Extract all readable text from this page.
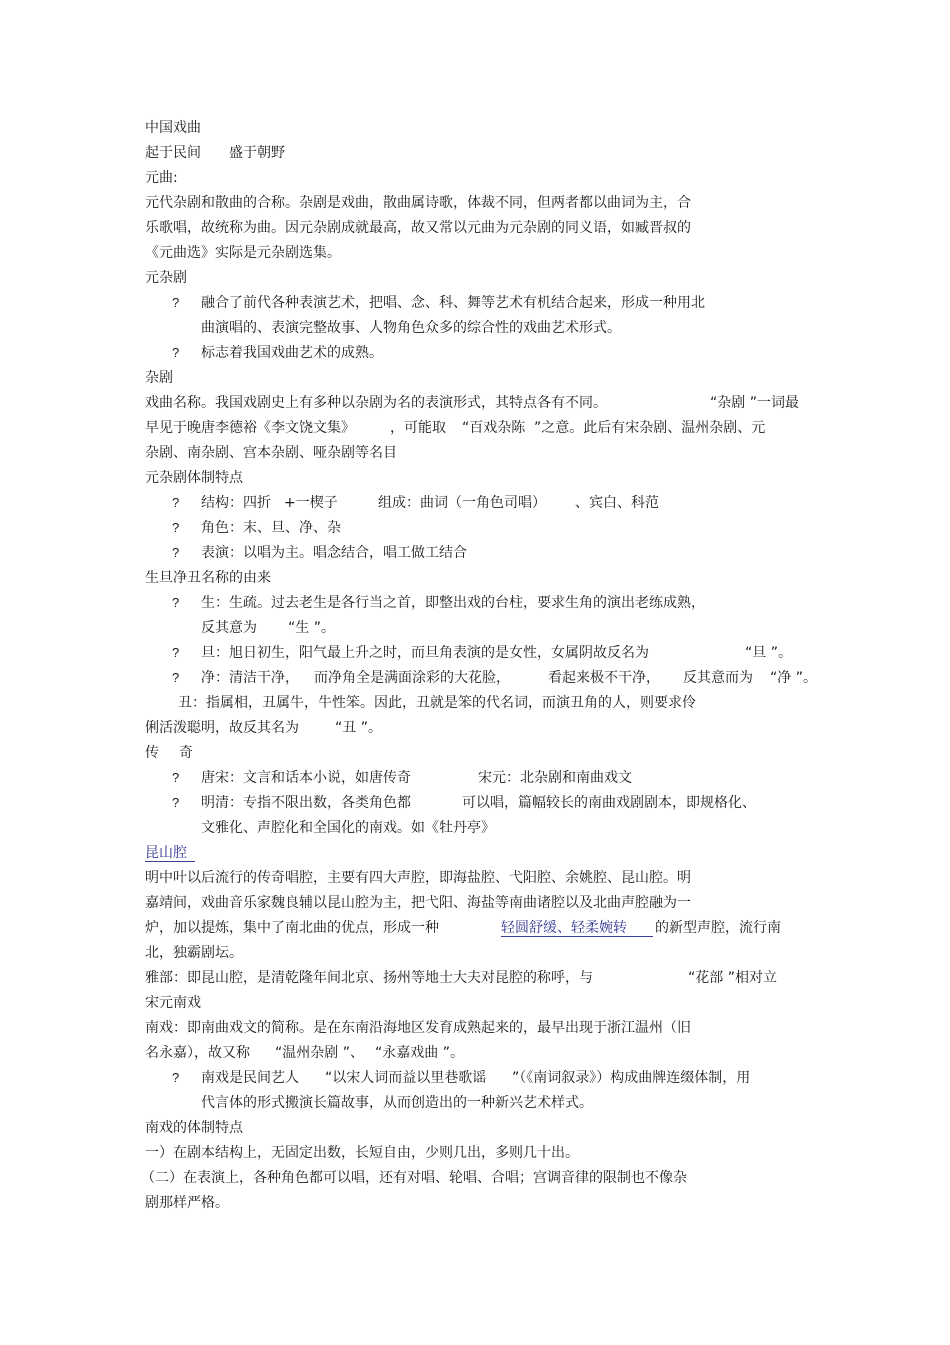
中国戏曲
起于民间 盛于朝野
元曲:
元代杂剧和散曲的合称。杂剧是戏曲，散曲属诗歌，体裁不同，但两者都以曲词为主，合
乐歌唱，故统称为曲。因元杂剧成就最高，故又常以元曲为元杂剧的同义语，如臧晋叔的
《元曲选》实际是元杂剧选集。
元杂剧
? 融合了前代各种表演艺术，把唱、念、科、舞等艺术有机结合起来，形成一种用北
曲演唱的、表演完整故事、人物角色众多的综合性的戏曲艺术形式。
? 标志着我国戏曲艺术的成熟。
杂剧
戏曲名称。我国戏剧史上有多种以杂剧为名的表演形式，其特点各有不同。	“杂剧 ”一词最
早见于晚唐李德裕《李文饶文集》	，可能取 “百戏杂陈 ”之意。此后有宋杂剧、温州杂剧、元
杂剧、南杂剧、宫本杂剧、哑杂剧等名目
元杂剧体制特点
? 结构：四折 +一楔子	组成：曲词（一角色司唱） 、宾白、科范
? 角色：末、旦、净、杂
? 表演：以唱为主。唱念结合，唱工做工结合
生旦净丑名称的由来
? 生：生疏。过去老生是各行当之首，即整出戏的台柱，要求生角的演出老练成熟，
反其意为 “生 ”。
? 旦：旭日初生，阳气最上升之时，而旦角表演的是女性，女属阴故反名为	“旦 ”。
? 净：清洁干净， 而净角全是满面涂彩的大花脸，	看起来极不干净， 反其意而为 “净 ”。
丑：指属相，丑属牛，牛性笨。因此，丑就是笨的代名词，而演丑角的人，则要求伶
俐活泼聪明，故反其名为	“丑 ”。
传 奇
? 唐宋：文言和话本小说，如唐传奇	宋元：北杂剧和南曲戏文
? 明清：专指不限出数，各类角色都	可以唱，篇幅较长的南曲戏剧剧本，即规格化、
文雅化、声腔化和全国化的南戏。如《牡丹亭》
昆山腔
明中叶以后流行的传奇唱腔，主要有四大声腔，即海盐腔、弋阳腔、余姚腔、昆山腔。明
嘉靖间，戏曲音乐家魏良辅以昆山腔为主，把弋阳、海盐等南曲诸腔以及北曲声腔融为一
炉，加以提炼，集中了南北曲的优点，形成一种	轻圆舒缓、轻柔婉转 的新型声腔，流行南
北，独霸剧坛。
雅部：即昆山腔，是清乾隆年间北京、扬州等地士大夫对昆腔的称呼，与	“花部 ”相对立
宋元南戏
南戏：即南曲戏文的简称。是在东南沿海地区发育成熟起来的，最早出现于浙江温州（旧
名永嘉），故又称 “温州杂剧 ”、 “永嘉戏曲 ”。
? 南戏是民间艺人 “以宋人词而益以里巷歌谣 ”（《南词叙录》）构成曲牌连缀体制，用
代言体的形式搬演长篇故事，从而创造出的一种新兴艺术样式。
南戏的体制特点
一）在剧本结构上，无固定出数，长短自由，少则几出，多则几十出。
（二）在表演上，各种角色都可以唱，还有对唱、轮唱、合唱；宫调音律的限制也不像杂
剧那样严格。
